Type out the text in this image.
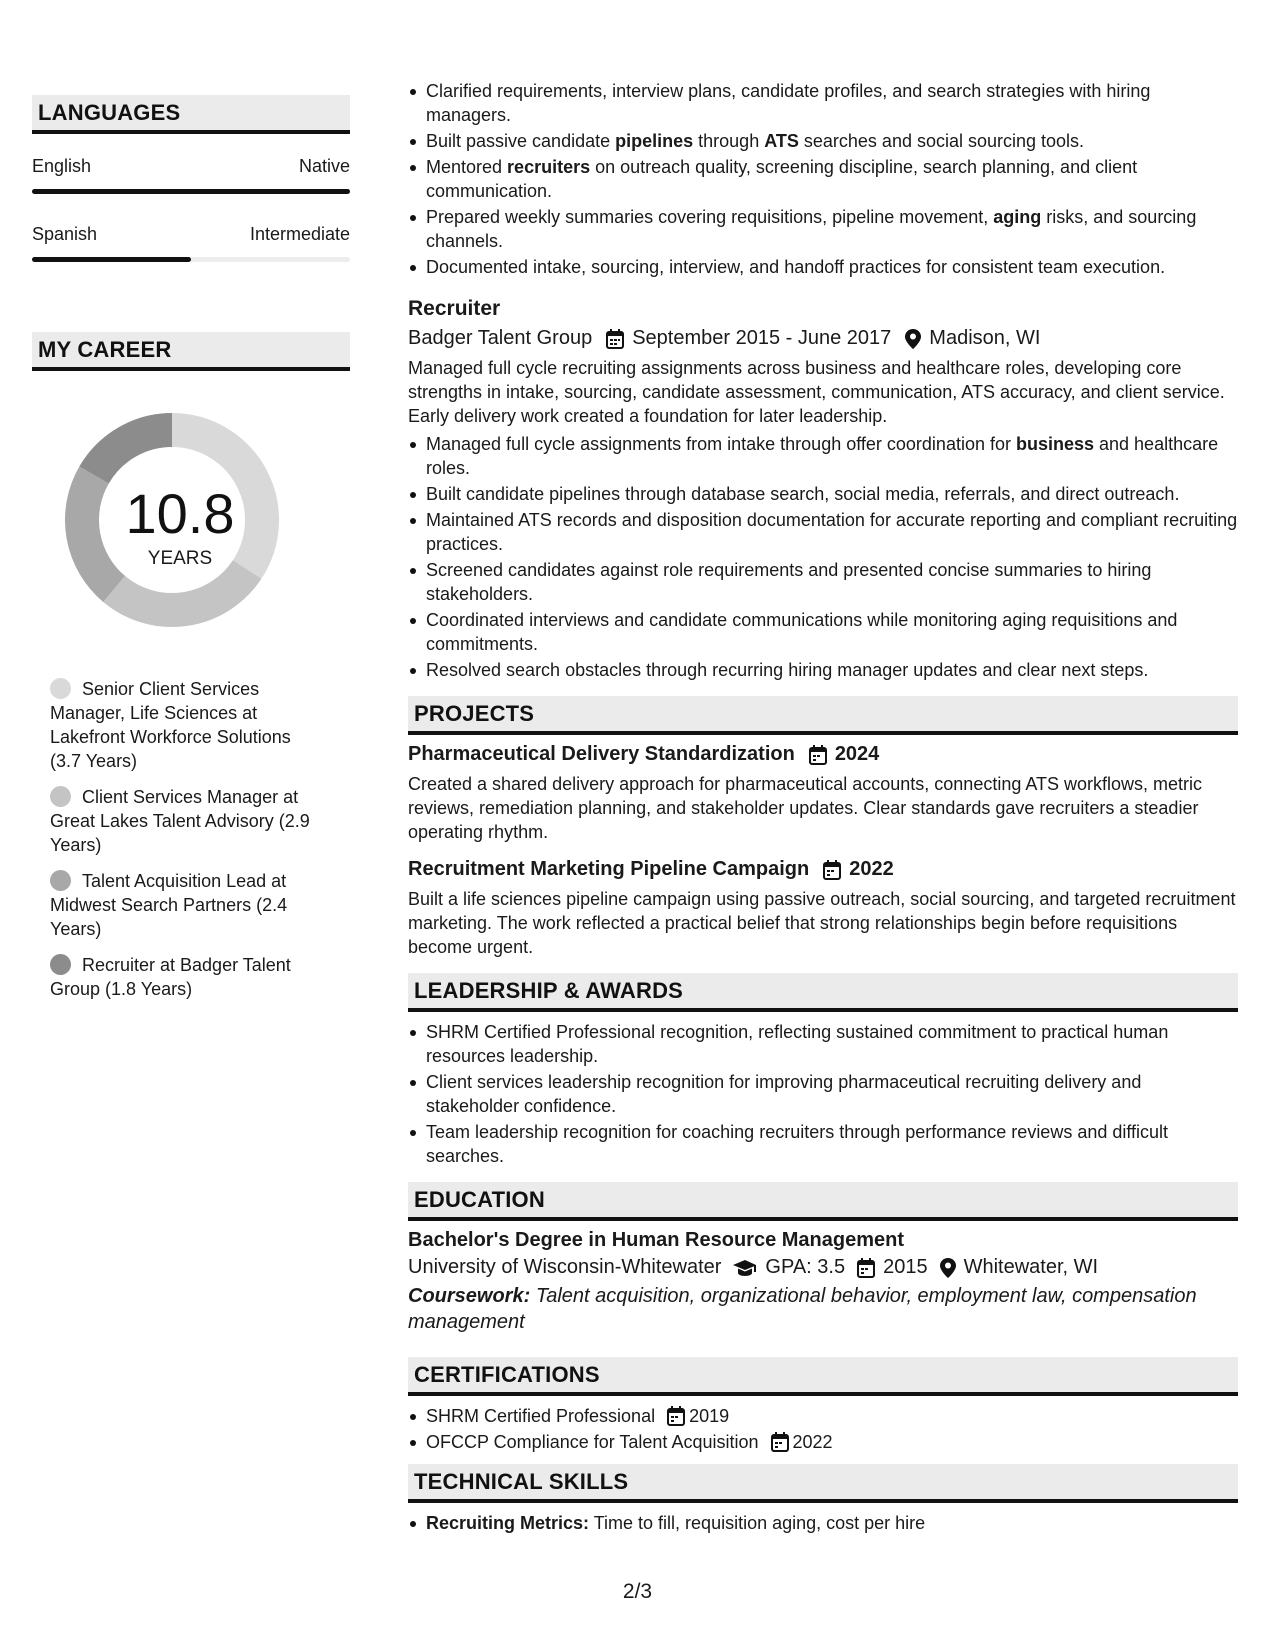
LANGUAGES
English	Native
Spanish	Intermediate
MY CAREER
10.8
YEARS
Senior Client Services Manager, Life Sciences at Lakefront Workforce Solutions (3.7 Years)
Client Services Manager at Great Lakes Talent Advisory (2.9 Years)
Talent Acquisition Lead at Midwest Search Partners (2.4 Years)
Recruiter at Badger Talent Group (1.8 Years)
Clarified requirements, interview plans, candidate profiles, and search strategies with hiring managers.
Built passive candidate pipelines through ATS searches and social sourcing tools.
Mentored recruiters on outreach quality, screening discipline, search planning, and client communication.
Prepared weekly summaries covering requisitions, pipeline movement, aging risks, and sourcing channels.
Documented intake, sourcing, interview, and handoff practices for consistent team execution.
Recruiter
Badger Talent Group September 2015 - June 2017 Madison, WI
Managed full cycle recruiting assignments across business and healthcare roles, developing core strengths in intake, sourcing, candidate assessment, communication, ATS accuracy, and client service. Early delivery work created a foundation for later leadership.
Managed full cycle assignments from intake through offer coordination for business and healthcare roles.
Built candidate pipelines through database search, social media, referrals, and direct outreach.
Maintained ATS records and disposition documentation for accurate reporting and compliant recruiting practices.
Screened candidates against role requirements and presented concise summaries to hiring stakeholders.
Coordinated interviews and candidate communications while monitoring aging requisitions and commitments.
Resolved search obstacles through recurring hiring manager updates and clear next steps.
PROJECTS
Pharmaceutical Delivery Standardization 2024
Created a shared delivery approach for pharmaceutical accounts, connecting ATS workflows, metric reviews, remediation planning, and stakeholder updates. Clear standards gave recruiters a steadier operating rhythm.
Recruitment Marketing Pipeline Campaign 2022
Built a life sciences pipeline campaign using passive outreach, social sourcing, and targeted recruitment marketing. The work reflected a practical belief that strong relationships begin before requisitions become urgent.
LEADERSHIP & AWARDS
SHRM Certified Professional recognition, reflecting sustained commitment to practical human resources leadership.
Client services leadership recognition for improving pharmaceutical recruiting delivery and stakeholder confidence.
Team leadership recognition for coaching recruiters through performance reviews and difficult searches.
EDUCATION
Bachelor's Degree in Human Resource Management
University of Wisconsin-Whitewater GPA: 3.5 2015 Whitewater, WI
Coursework: Talent acquisition, organizational behavior, employment law, compensation management
CERTIFICATIONS
SHRM Certified Professional 2019
OFCCP Compliance for Talent Acquisition 2022
TECHNICAL SKILLS
Recruiting Metrics: Time to fill, requisition aging, cost per hire
2/3
